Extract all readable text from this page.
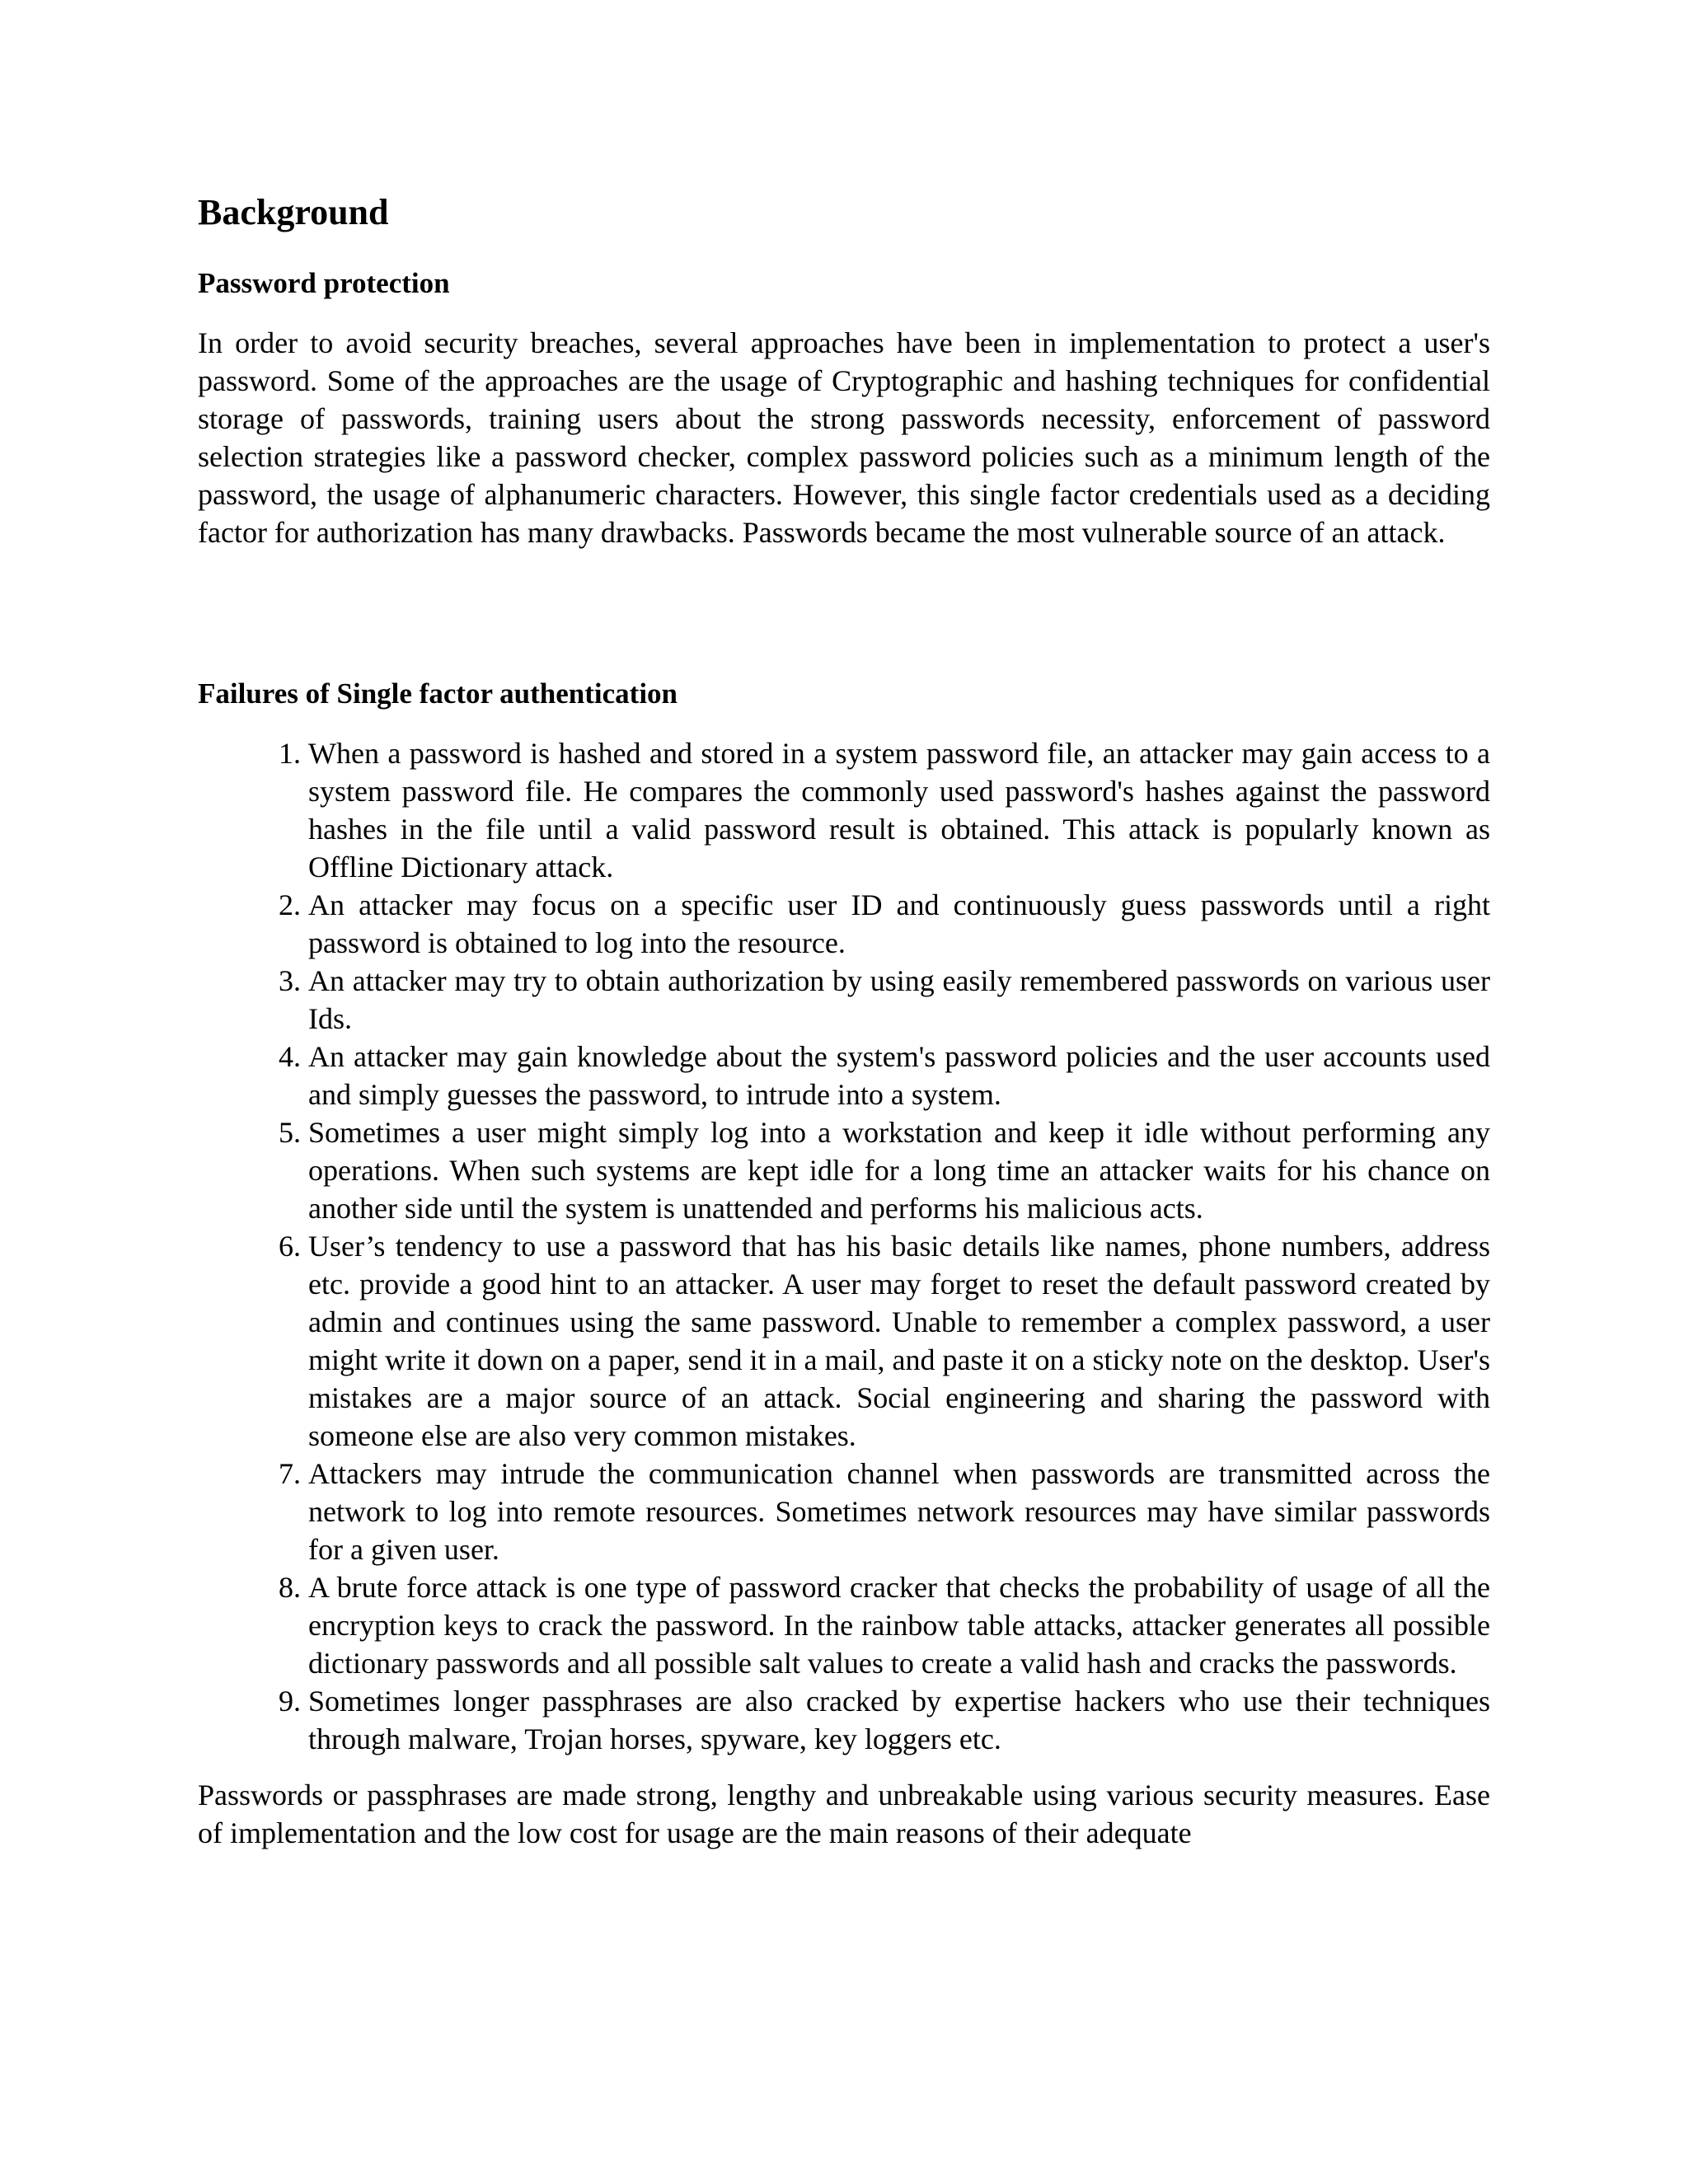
Background
Password protection

In order to avoid security breaches, several approaches have been in implementation to protect a user's password. Some of the approaches are the usage of Cryptographic and hashing techniques for confidential storage of passwords, training users about the strong passwords necessity, enforcement of password selection strategies like a password checker, complex password policies such as a minimum length of the password, the usage of alphanumeric characters. However, this single factor credentials used as a deciding factor for authorization has many drawbacks. Passwords became the most vulnerable source of an attack.

Failures of Single factor authentication
1. When a password is hashed and stored in a system password file, an attacker may gain access to a system password file. He compares the commonly used password's hashes against the password hashes in the file until a valid password result is obtained. This attack is popularly known as Offline Dictionary attack.
2. An attacker may focus on a specific user ID and continuously guess passwords until a right password is obtained to log into the resource.
3. An attacker may try to obtain authorization by using easily remembered passwords on various user Ids.
4. An attacker may gain knowledge about the system's password policies and the user accounts used and simply guesses the password, to intrude into a system.
5. Sometimes a user might simply log into a workstation and keep it idle without performing any operations. When such systems are kept idle for a long time an attacker waits for his chance on another side until the system is unattended and performs his malicious acts.
6. User’s tendency to use a password that has his basic details like names, phone numbers, address etc. provide a good hint to an attacker. A user may forget to reset the default password created by admin and continues using the same password. Unable to remember a complex password, a user might write it down on a paper, send it in a mail, and paste it on a sticky note on the desktop. User's mistakes are a major source of an attack. Social engineering and sharing the password with someone else are also very common mistakes.
7. Attackers may intrude the communication channel when passwords are transmitted across the network to log into remote resources. Sometimes network resources may have similar passwords for a given user.
8. A brute force attack is one type of password cracker that checks the probability of usage of all the encryption keys to crack the password. In the rainbow table attacks, attacker generates all possible dictionary passwords and all possible salt values to create a valid hash and cracks the passwords.
9. Sometimes longer passphrases are also cracked by expertise hackers who use their techniques through malware, Trojan horses, spyware, key loggers etc.

Passwords or passphrases are made strong, lengthy and unbreakable using various security measures. Ease of implementation and the low cost for usage are the main reasons of their adequate
